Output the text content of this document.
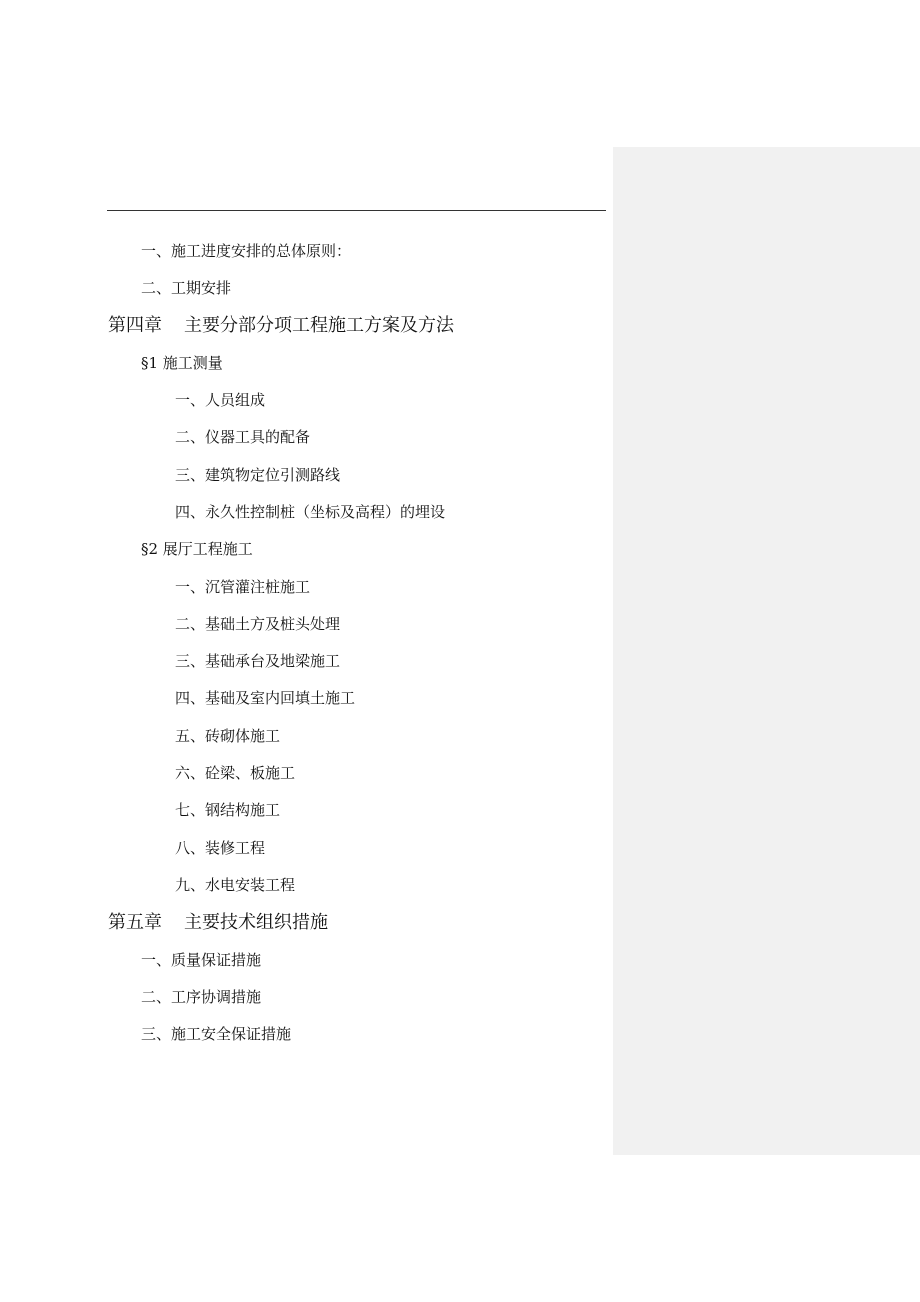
一、施工进度安排的总体原则：
二、工期安排
第四章 主要分部分项工程施工方案及方法
§1 施工测量
一、人员组成
二、仪器工具的配备
三、建筑物定位引测路线
四、永久性控制桩（坐标及高程）的埋设
§2 展厅工程施工
一、沉管灌注桩施工
二、基础土方及桩头处理
三、基础承台及地梁施工
四、基础及室内回填土施工
五、砖砌体施工
六、砼梁、板施工
七、钢结构施工
八、装修工程
九、水电安装工程
第五章 主要技术组织措施
一、质量保证措施
二、工序协调措施
三、施工安全保证措施
